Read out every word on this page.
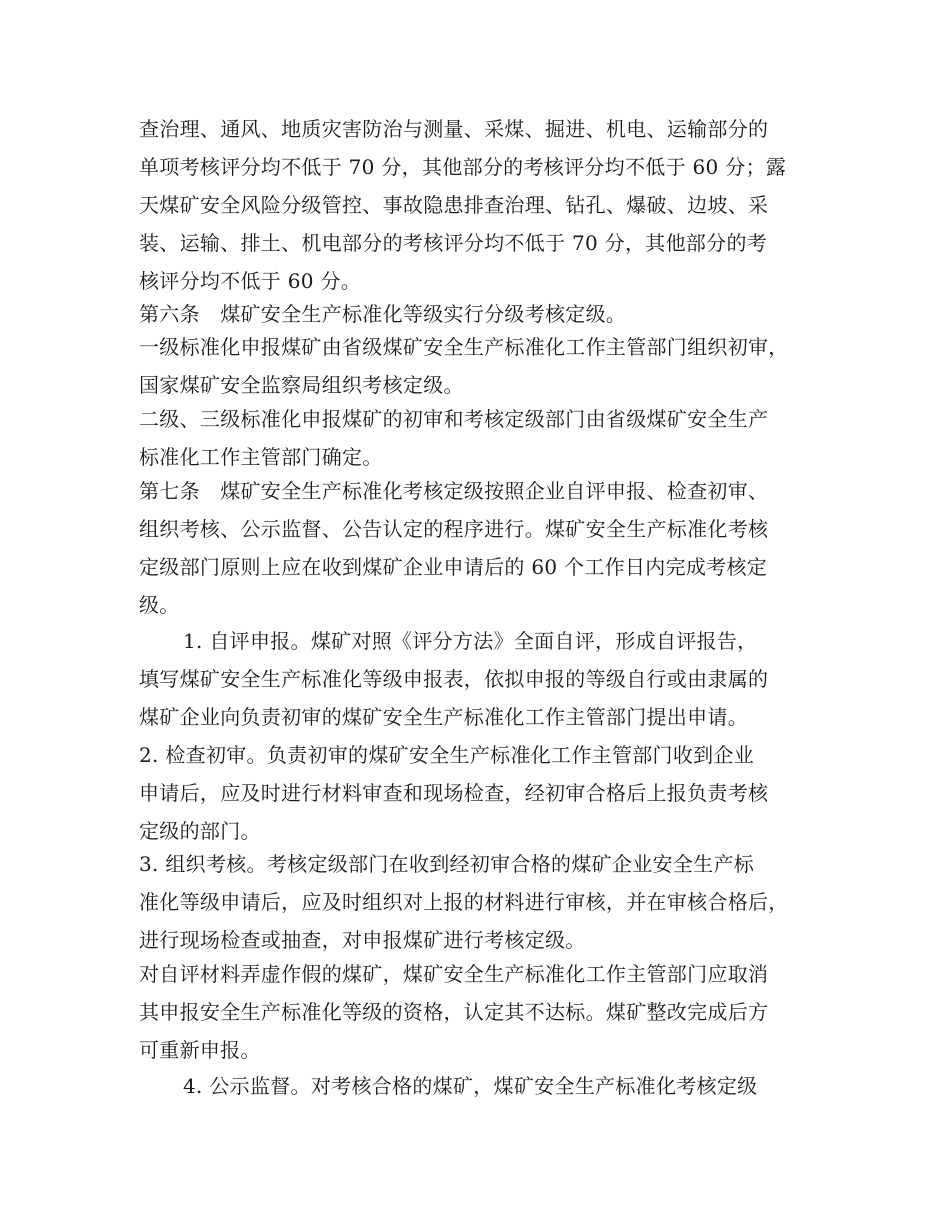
查治理、通风、地质灾害防治与测量、采煤、掘进、机电、运输部分的

单项考核评分均不低于 70 分，其他部分的考核评分均不低于 60 分；露

天煤矿安全风险分级管控、事故隐患排查治理、钻孔、爆破、边坡、采

装、运输、排土、机电部分的考核评分均不低于 70 分，其他部分的考

核评分均不低于 60 分。

第六条　煤矿安全生产标准化等级实行分级考核定级。

一级标准化申报煤矿由省级煤矿安全生产标准化工作主管部门组织初审，

国家煤矿安全监察局组织考核定级。

二级、三级标准化申报煤矿的初审和考核定级部门由省级煤矿安全生产

标准化工作主管部门确定。

第七条　煤矿安全生产标准化考核定级按照企业自评申报、检查初审、

组织考核、公示监督、公告认定的程序进行。煤矿安全生产标准化考核

定级部门原则上应在收到煤矿企业申请后的 60 个工作日内完成考核定

级。

1. 自评申报。煤矿对照《评分方法》全面自评，形成自评报告，

填写煤矿安全生产标准化等级申报表，依拟申报的等级自行或由隶属的

煤矿企业向负责初审的煤矿安全生产标准化工作主管部门提出申请。

2. 检查初审。负责初审的煤矿安全生产标准化工作主管部门收到企业

申请后，应及时进行材料审查和现场检查，经初审合格后上报负责考核

定级的部门。

3. 组织考核。考核定级部门在收到经初审合格的煤矿企业安全生产标

准化等级申请后，应及时组织对上报的材料进行审核，并在审核合格后，

进行现场检查或抽查，对申报煤矿进行考核定级。

对自评材料弄虚作假的煤矿，煤矿安全生产标准化工作主管部门应取消

其申报安全生产标准化等级的资格，认定其不达标。煤矿整改完成后方

可重新申报。

4. 公示监督。对考核合格的煤矿，煤矿安全生产标准化考核定级
